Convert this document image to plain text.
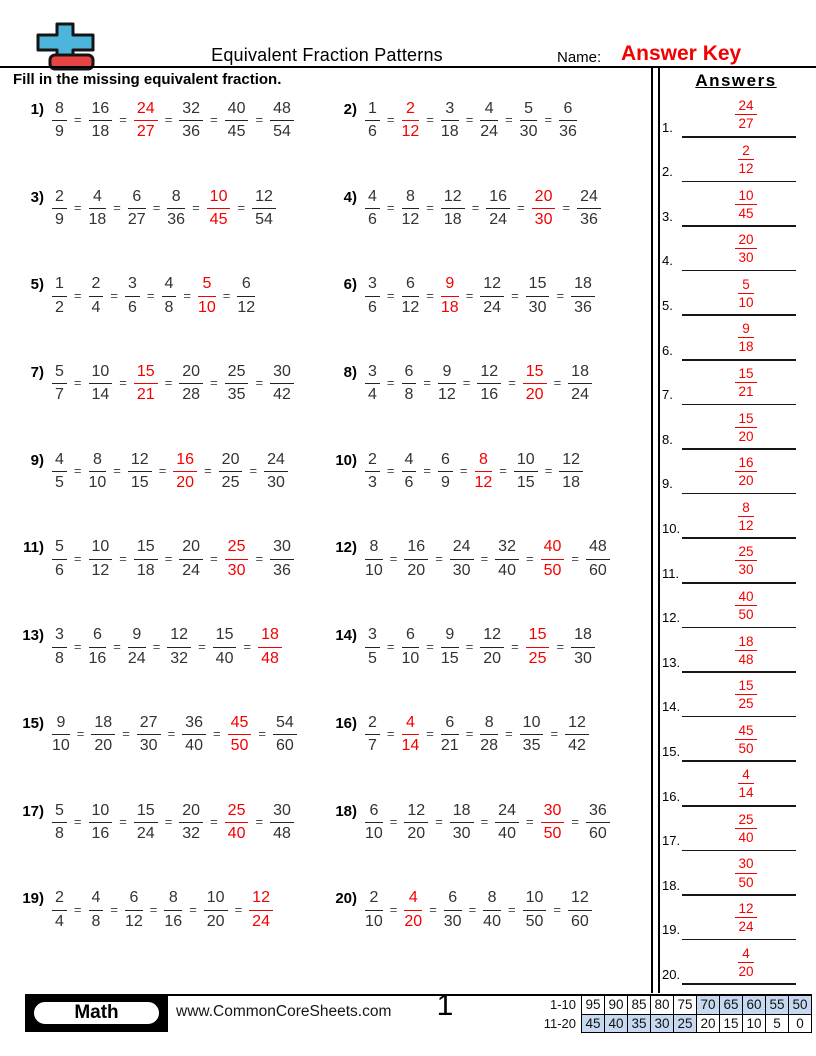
Equivalent Fraction Patterns	Name: Answer Key
Fill in the missing equivalent fraction.
$1) \frac{8}{9} = \frac{16}{18} = \frac{24}{27} = \frac{32}{36} = \frac{40}{45} = \frac{48}{54}$	$2) \frac{1}{6} = \frac{2}{12} = \frac{3}{18} = \frac{4}{24} = \frac{5}{30} = \frac{6}{36}$
$3) \frac{2}{9} = \frac{4}{18} = \frac{6}{27} = \frac{8}{36} = \frac{10}{45} = \frac{12}{54}$	$4) \frac{4}{6} = \frac{8}{12} = \frac{12}{18} = \frac{16}{24} = \frac{20}{30} = \frac{24}{36}$
$5) \frac{1}{2} = \frac{2}{4} = \frac{3}{6} = \frac{4}{8} = \frac{5}{10} = \frac{6}{12}$	$6) \frac{3}{6} = \frac{6}{12} = \frac{9}{18} = \frac{12}{24} = \frac{15}{30} = \frac{18}{36}$
$7) \frac{5}{7} = \frac{10}{14} = \frac{15}{21} = \frac{20}{28} = \frac{25}{35} = \frac{30}{42}$	$8) \frac{3}{4} = \frac{6}{8} = \frac{9}{12} = \frac{12}{16} = \frac{15}{20} = \frac{18}{24}$
$9) \frac{4}{5} = \frac{8}{10} = \frac{12}{15} = \frac{16}{20} = \frac{20}{25} = \frac{24}{30}$	$10) \frac{2}{3} = \frac{4}{6} = \frac{6}{9} = \frac{8}{12} = \frac{10}{15} = \frac{12}{18}$
$11) \frac{5}{6} = \frac{10}{12} = \frac{15}{18} = \frac{20}{24} = \frac{25}{30} = \frac{30}{36}$	$12) \frac{8}{10} = \frac{16}{20} = \frac{24}{30} = \frac{32}{40} = \frac{40}{50} = \frac{48}{60}$
$13) \frac{3}{8} = \frac{6}{16} = \frac{9}{24} = \frac{12}{32} = \frac{15}{40} = \frac{18}{48}$	$14) \frac{3}{5} = \frac{6}{10} = \frac{9}{15} = \frac{12}{20} = \frac{15}{25} = \frac{18}{30}$
$15) \frac{9}{10} = \frac{18}{20} = \frac{27}{30} = \frac{36}{40} = \frac{45}{50} = \frac{54}{60}$	$16) \frac{2}{7} = \frac{4}{14} = \frac{6}{21} = \frac{8}{28} = \frac{10}{35} = \frac{12}{42}$
$17) \frac{5}{8} = \frac{10}{16} = \frac{15}{24} = \frac{20}{32} = \frac{25}{40} = \frac{30}{48}$	$18) \frac{6}{10} = \frac{12}{20} = \frac{18}{30} = \frac{24}{40} = \frac{30}{50} = \frac{36}{60}$
$19) \frac{2}{4} = \frac{4}{8} = \frac{6}{12} = \frac{8}{16} = \frac{10}{20} = \frac{12}{24}$	$20) \frac{2}{10} = \frac{4}{20} = \frac{6}{30} = \frac{8}{40} = \frac{10}{50} = \frac{12}{60}$
Answers
1.	$\frac{24}{27}$
2.	$\frac{2}{12}$
3.	$\frac{10}{45}$
4.	$\frac{20}{30}$
5.	$\frac{5}{10}$
6.	$\frac{9}{18}$
7.	$\frac{15}{21}$
8.	$\frac{15}{20}$
9.	$\frac{16}{20}$
10.	$\frac{8}{12}$
11.	$\frac{25}{30}$
12.	$\frac{40}{50}$
13.	$\frac{18}{48}$
14.	$\frac{15}{25}$
15.	$\frac{45}{50}$
16.	$\frac{4}{14}$
17.	$\frac{25}{40}$
18.	$\frac{30}{50}$
19.	$\frac{12}{24}$
20.	$\frac{4}{20}$
Math	www.CommonCoreSheets.com	1	1-10	95	90	85	80	75	70	65	60	55	50
11-20	45	40	35	30	25	20	15	10	5	0
